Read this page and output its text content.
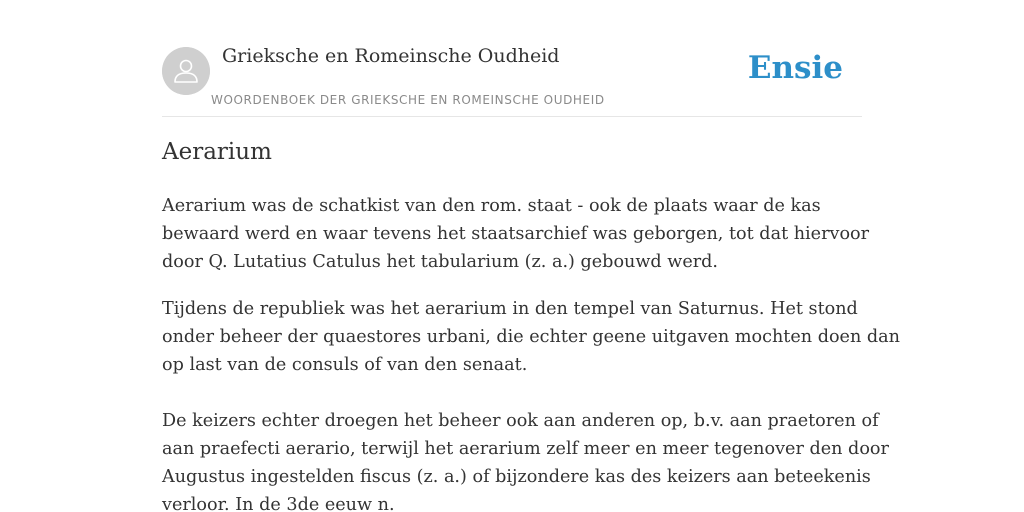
Grieksche en Romeinsche Oudheid
WOORDENBOEK DER GRIEKSCHE EN ROMEINSCHE OUDHEID
Ensie
Aerarium

Aerarium was de schatkist van den rom. staat - ook de plaats waar de kas
bewaard werd en waar tevens het staatsarchief was geborgen, tot dat hiervoor
door Q. Lutatius Catulus het tabularium (z. a.) gebouwd werd.

Tijdens de republiek was het aerarium in den tempel van Saturnus. Het stond
onder beheer der quaestores urbani, die echter geene uitgaven mochten doen dan
op last van de consuls of van den senaat.

De keizers echter droegen het beheer ook aan anderen op, b.v. aan praetoren of
aan praefecti aerario, terwijl het aerarium zelf meer en meer tegenover den door
Augustus ingestelden fiscus (z. a.) of bijzondere kas des keizers aan beteekenis
verloor. In de 3de eeuw n.
